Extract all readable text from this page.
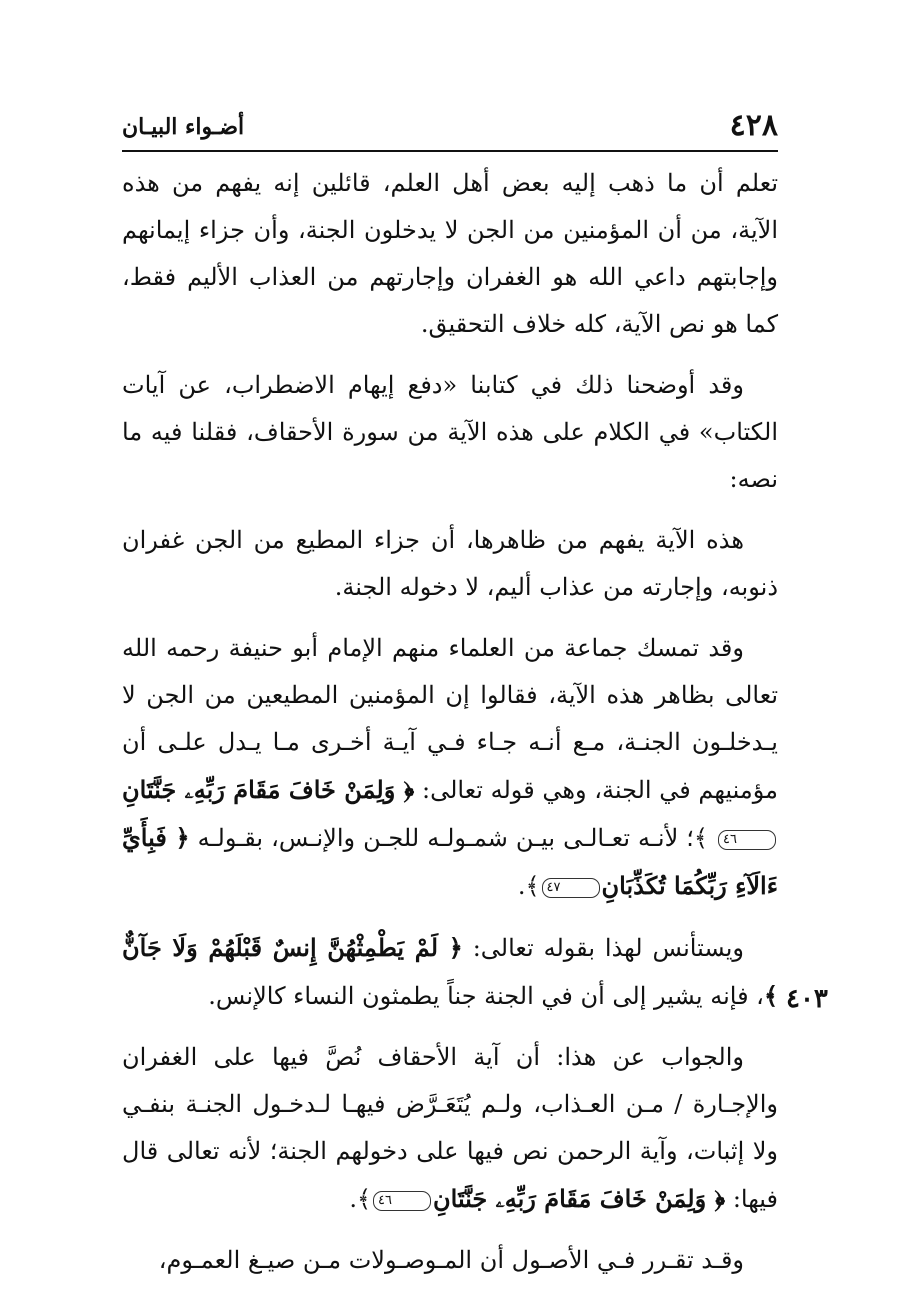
٤٢٨
أضـواء البيـان
٤٠٣

تعلم أن ما ذهب إليه بعض أهل العلم، قائلين إنه يفهم من هذه الآية، من أن المؤمنين من الجن لا يدخلون الجنة، وأن جزاء إيمانهم وإجابتهم داعي الله هو الغفران وإجارتهم من العذاب الأليم فقط، كما هو نص الآية، كله خلاف التحقيق.

وقد أوضحنا ذلك في كتابنا «دفع إيهام الاضطراب، عن آيات الكتاب» في الكلام على هذه الآية من سورة الأحقاف، فقلنا فيه ما نصه:

هذه الآية يفهم من ظاهرها، أن جزاء المطيع من الجن غفران ذنوبه، وإجارته من عذاب أليم، لا دخوله الجنة.

وقد تمسك جماعة من العلماء منهم الإمام أبو حنيفة رحمه الله تعالى بظاهر هذه الآية، فقالوا إن المؤمنين المطيعين من الجن لا يـدخلـون الجنـة، مـع أنـه جـاء فـي آيـة أخـرى مـا يـدل علـى أن مؤمنيهم في الجنة، وهي قوله تعالى: ﴿ وَلِمَنْ خَافَ مَقَامَ رَبِّهِۦ جَنَّتَانِ٤٦ ﴾؛ لأنـه تعـالـى بيـن شمـولـه للجـن والإنـس، بقـولـه ﴿ فَبِأَيِّ ءَالَآءِ رَبِّكُمَا تُكَذِّبَانِ٤٧﴾.

ويستأنس لهذا بقوله تعالى: ﴿ لَمْ يَطْمِثْهُنَّ إِنسٌ قَبْلَهُمْ وَلَا جَآنٌّ ﴾، فإنه يشير إلى أن في الجنة جناً يطمثون النساء كالإنس.

والجواب عن هذا: أن آية الأحقاف نُصَّ فيها على الغفران والإجـارة / مـن العـذاب، ولـم يُتَعَـرَّض فيهـا لـدخـول الجنـة بنفـي ولا إثبات، وآية الرحمن نص فيها على دخولهم الجنة؛ لأنه تعالى قال فيها: ﴿ وَلِمَنْ خَافَ مَقَامَ رَبِّهِۦ جَنَّتَانِ٤٦﴾.

وقـد تقـرر فـي الأصـول أن المـوصـولات مـن صيـغ العمـوم،
